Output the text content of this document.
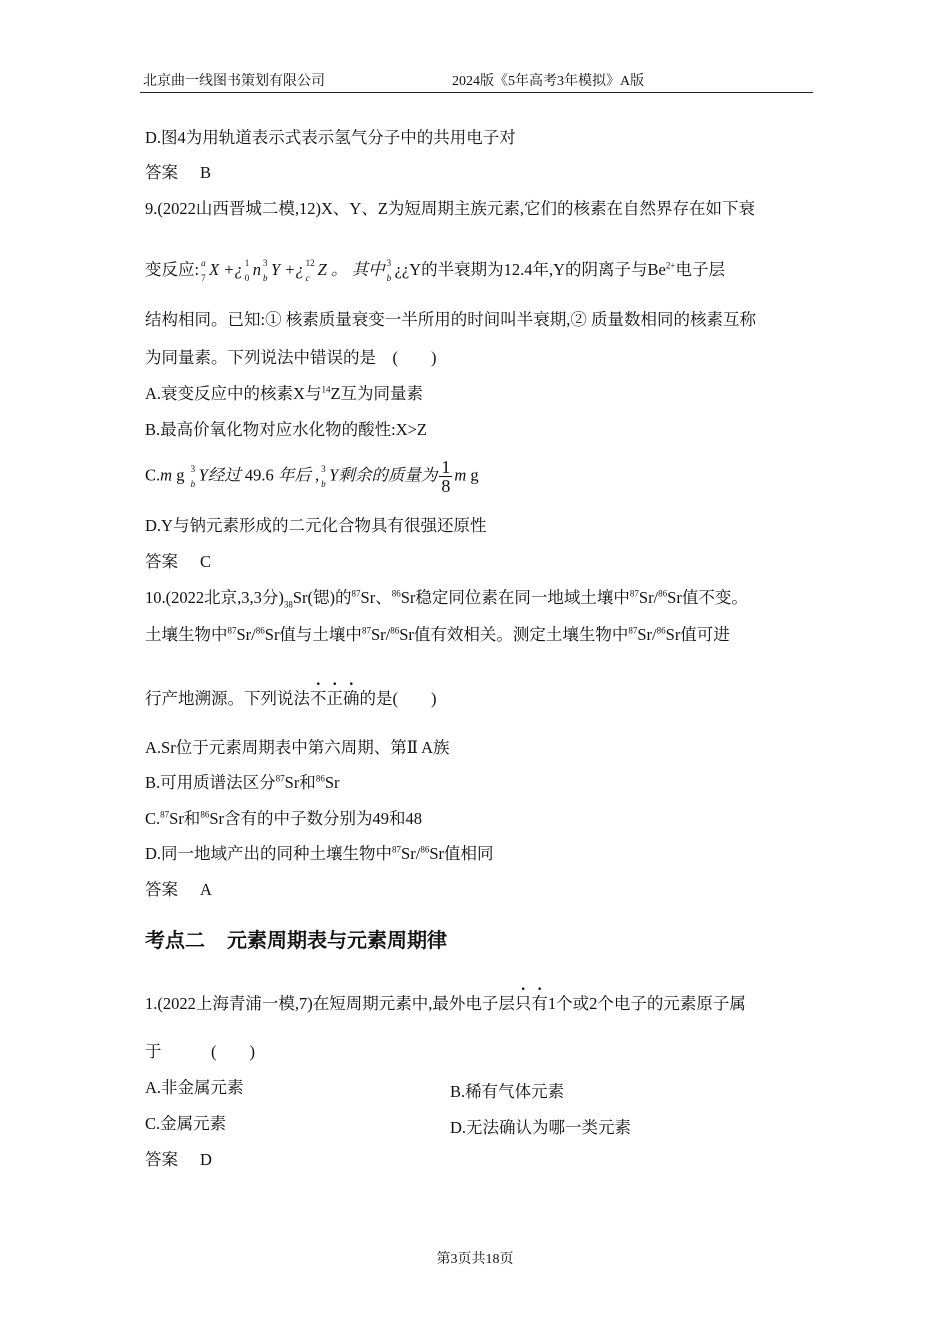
北京曲一线图书策划有限公司	2024版《5年高考3年模拟》A版
D.图4为用轨道表示式表示氢气分子中的共用电子对
答案 B
9.(2022山西晋城二模,12)X、Y、Z为短周期主族元素,它们的核素在自然界存在如下衰
变反应: a
7 X +¿ 1
0 n 3
b Y +¿ 12
c Z 。 其中 3
b ¿¿Y的半衰期为12.4年,Y的阴离子与$Be^{2+}$电子层
结构相同。已知:① 核素质量衰变一半所用的时间叫半衰期,② 质量数相同的核素互称
为同量素。下列说法中错误的是　(　　)
A.衰变反应中的核素X与$^{14}$Z互为同量素
B.最高价氧化物对应水化物的酸性:X>Z
C.m g 3
b Y经过 49.6 年后 , 3
b Y剩余的质量为 $\frac{1}{8}$ m g
D.Y与钠元素形成的二元化合物具有很强还原性
答案 C
10.(2022北京,3,3分)$_{38}Sr$(锶)的$^{87}$Sr、$^{86}$Sr稳定同位素在同一地域土壤中$^{87}$Sr/$^{86}$Sr值不变。
土壤生物中$^{87}$Sr/$^{86}$Sr值与土壤中$^{87}$Sr/$^{86}$Sr值有效相关。测定土壤生物中$^{87}$Sr/$^{86}$Sr值可进
行产地溯源。下列说法不正确的是(　　)
A.Sr位于元素周期表中第六周期、第Ⅱ A族
B.可用质谱法区分$^{87}$Sr和$^{86}$Sr
C.$^{87}$Sr和$^{86}$Sr含有的中子数分别为49和48
D.同一地域产出的同种土壤生物中$^{87}$Sr/$^{86}$Sr值相同
答案 A
考点二 元素周期表与元素周期律
1.(2022上海青浦一模,7)在短周期元素中,最外电子层只有1个或2个电子的元素原子属
于　　　(　　)
A.非金属元素	B.稀有气体元素
C.金属元素	D.无法确认为哪一类元素
答案 D
第3页共18页
